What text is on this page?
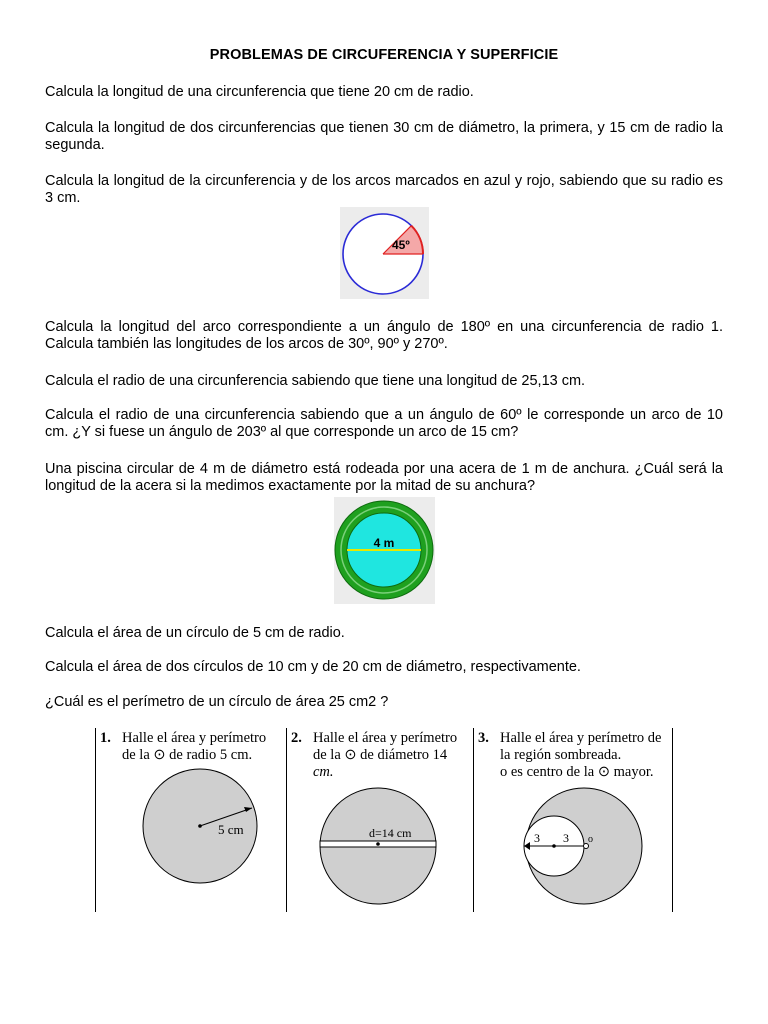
PROBLEMAS DE CIRCUFERENCIA Y SUPERFICIE
Calcula la longitud de una circunferencia que tiene 20 cm de radio.
Calcula la longitud de dos circunferencias que tienen 30 cm de diámetro, la primera, y 15 cm de radio la segunda.
Calcula la longitud de la circunferencia y de los arcos marcados en azul y rojo, sabiendo que su radio es 3 cm.
45º
Calcula la longitud del arco correspondiente a un ángulo de 180º en una circunferencia de radio 1. Calcula también las longitudes de los arcos de 30º, 90º y 270º.
Calcula el radio de una circunferencia sabiendo que tiene una longitud de 25,13 cm.
Calcula el radio de una circunferencia sabiendo que a un ángulo de 60º le corresponde un arco de 10 cm. ¿Y si fuese un ángulo de 203º al que corresponde un arco de 15 cm?
Una piscina circular de 4 m de diámetro está rodeada por una acera de 1 m de anchura. ¿Cuál será la longitud de la acera si la medimos exactamente por la mitad de su anchura?
4 m
Calcula el área de un círculo de 5 cm de radio.
Calcula el área de dos círculos de 10 cm y de 20 cm de diámetro, respectivamente.
¿Cuál es el perímetro de un círculo de área 25 cm2 ?
1. Halle el área y perímetro
de la ⊙ de radio 5 cm.
5 cm
2. Halle el área y perímetro
de la ⊙ de diámetro 14
cm.
d=14 cm
3. Halle el área y perímetro de
la región sombreada.
o es centro de la ⊙ mayor.
3 3 o
